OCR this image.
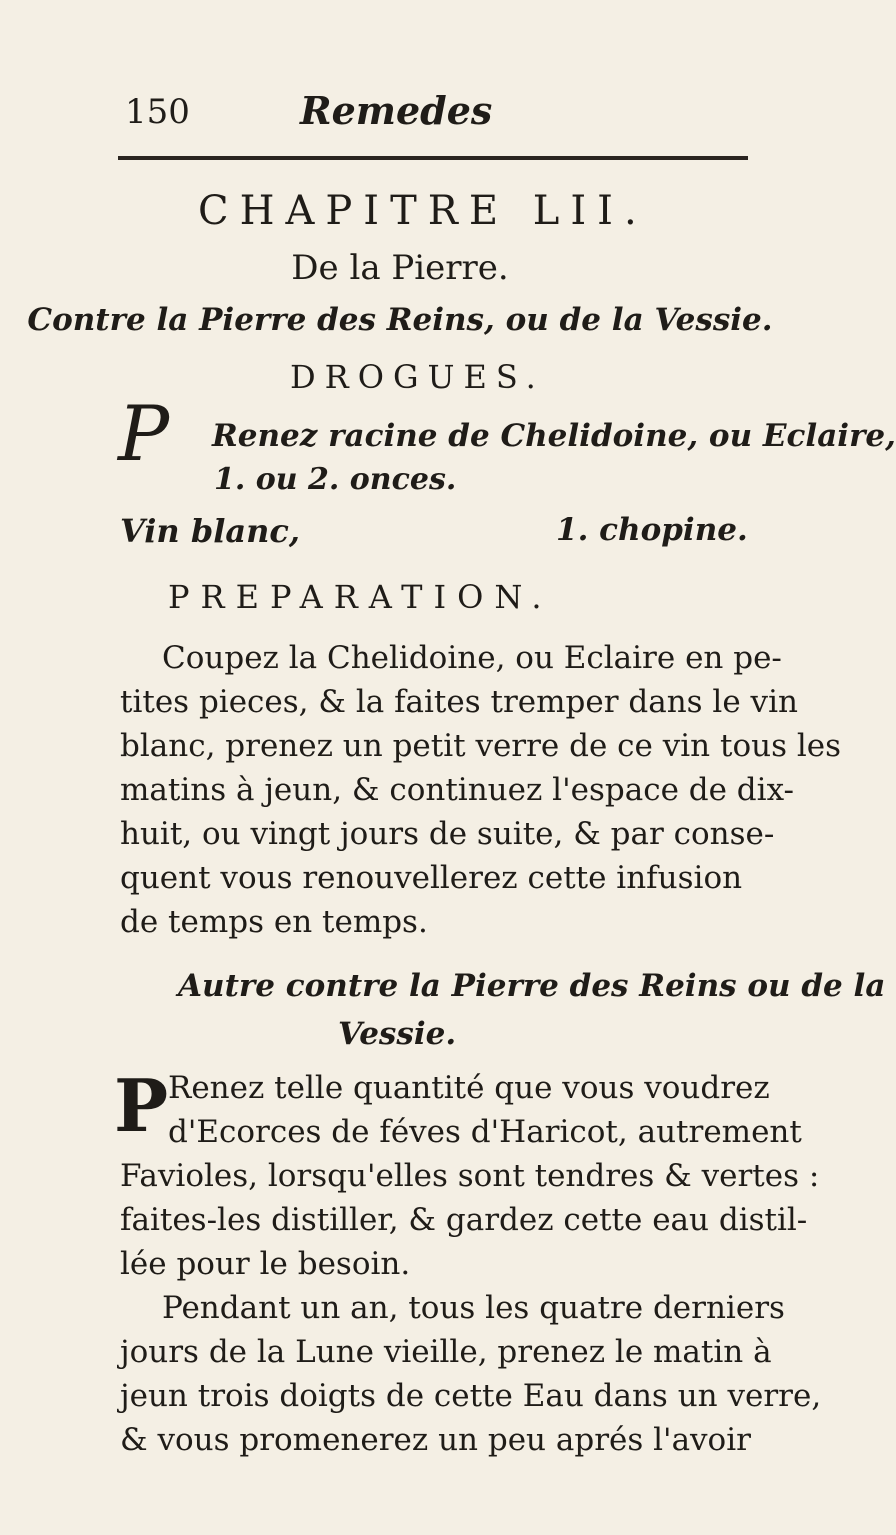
150	Remedes
CHAPITRE LII.
De la Pierre.
Contre la Pierre des Reins, ou de la Vessie.
DROGUES.
P Renez racine de Chelidoine, ou Eclaire,
1. ou 2. onces.
Vin blanc,	1. chopine.
PREPARATION.
Coupez la Chelidoine, ou Eclaire en pe-
tites pieces, & la faites tremper dans le vin
blanc, prenez un petit verre de ce vin tous les
matins à jeun, & continuez l'espace de dix-
huit, ou vingt jours de suite, & par conse-
quent vous renouvellerez cette infusion
de temps en temps.
Autre contre la Pierre des Reins ou de la
Vessie.
P Renez telle quantité que vous voudrez
d'Ecorces de féves d'Haricot, autrement
Favioles, lorsqu'elles sont tendres & vertes :
faites-les distiller, & gardez cette eau distil-
lée pour le besoin.
Pendant un an, tous les quatre derniers
jours de la Lune vieille, prenez le matin à
jeun trois doigts de cette Eau dans un verre,
& vous promenerez un peu aprés l'avoir
